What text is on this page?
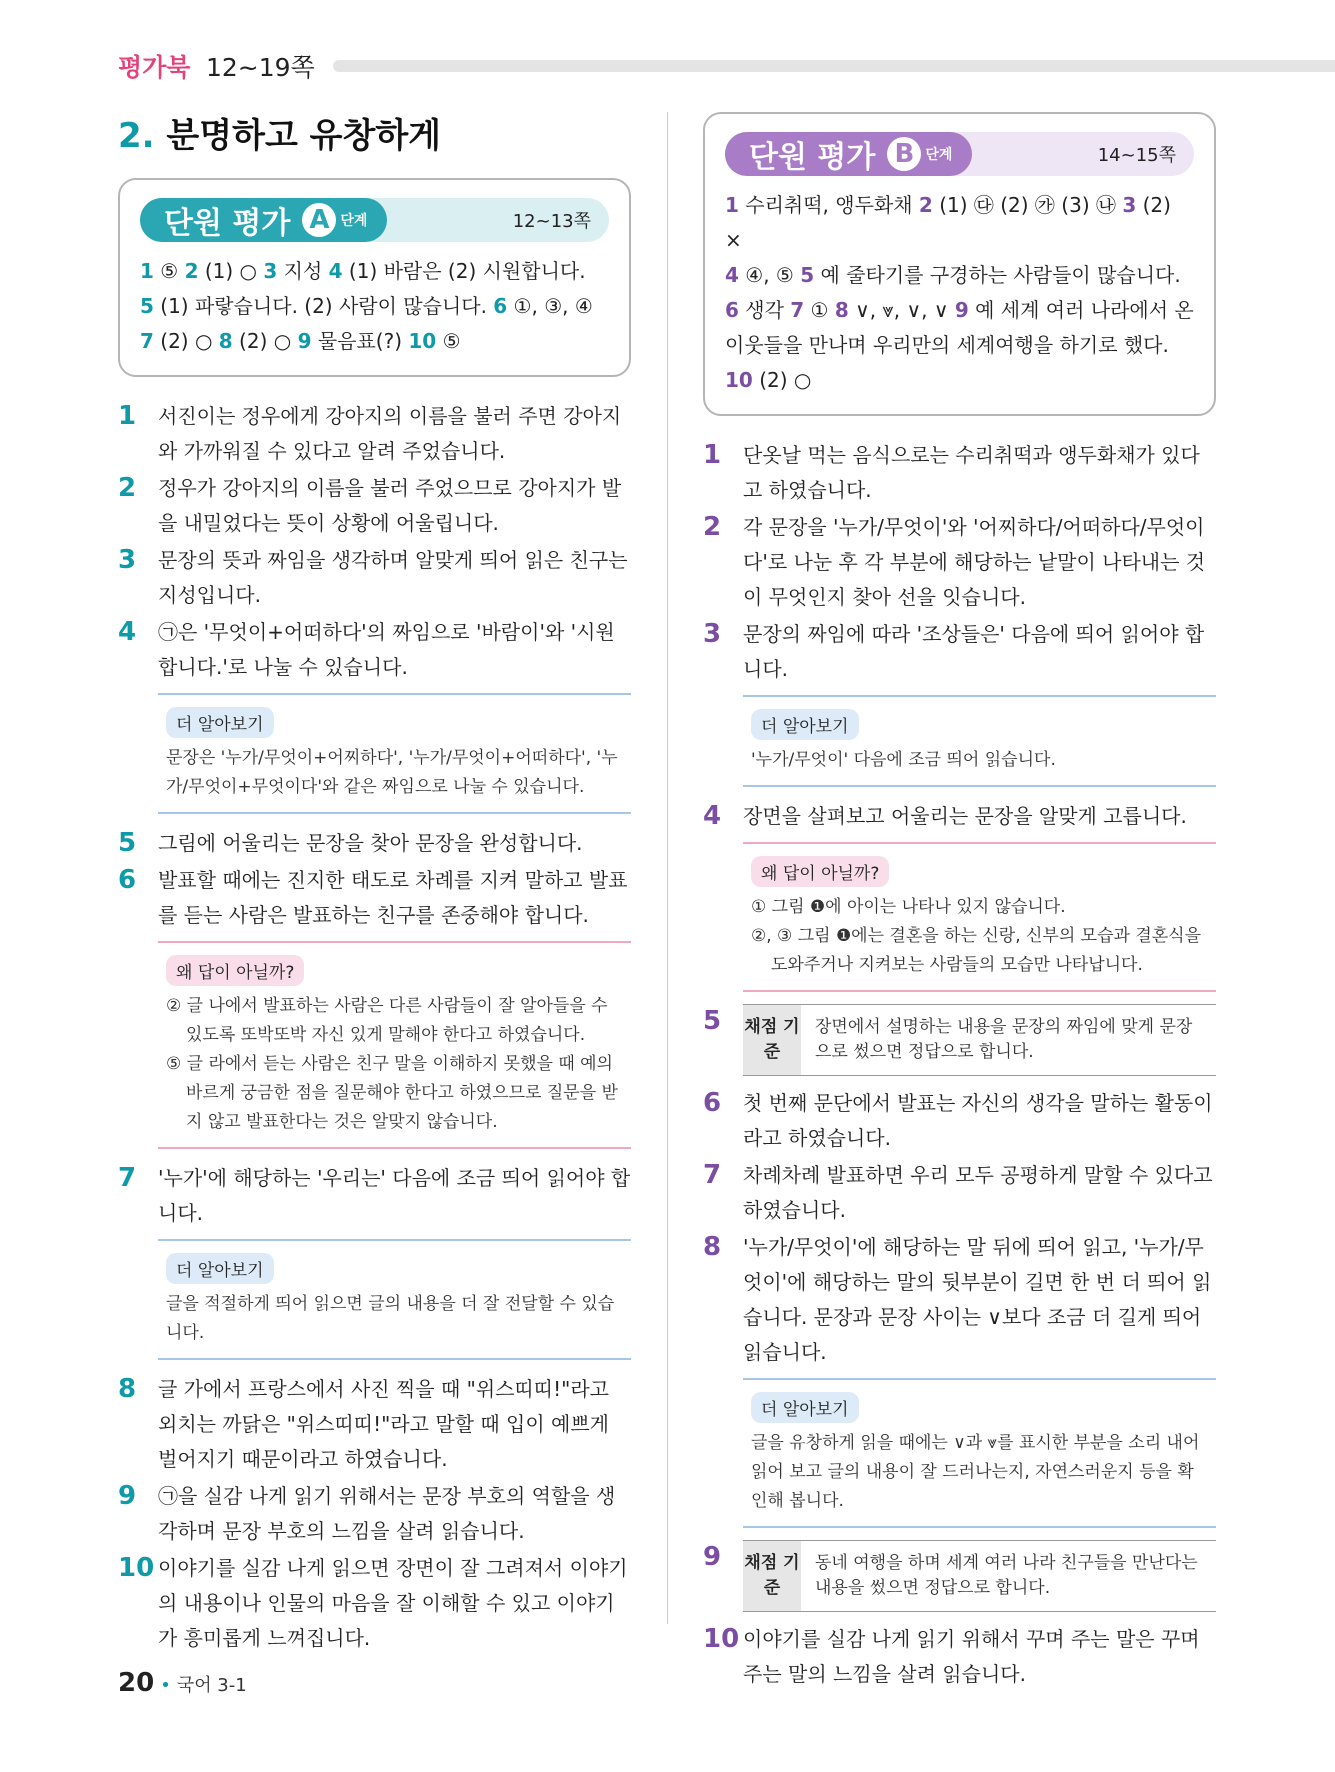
평가북 12~19쪽
2. 분명하고 유창하게
단원 평가 A 단계	12~13쪽
1 ⑤ 2 (1) ○ 3 지성 4 (1) 바람은 (2) 시원합니다.
5 (1) 파랗습니다. (2) 사람이 많습니다. 6 ①, ③, ④
7 (2) ○ 8 (2) ○ 9 물음표(?) 10 ⑤
1	서진이는 정우에게 강아지의 이름을 불러 주면 강아지와 가까워질 수 있다고 알려 주었습니다.
2	정우가 강아지의 이름을 불러 주었으므로 강아지가 발을 내밀었다는 뜻이 상황에 어울립니다.
3	문장의 뜻과 짜임을 생각하며 알맞게 띄어 읽은 친구는 지성입니다.
4	㉠은 '무엇이+어떠하다'의 짜임으로 '바람이'와 '시원합니다.'로 나눌 수 있습니다.
더 알아보기
문장은 '누가/무엇이+어찌하다', '누가/무엇이+어떠하다', '누가/무엇이+무엇이다'와 같은 짜임으로 나눌 수 있습니다.
5	그림에 어울리는 문장을 찾아 문장을 완성합니다.
6	발표할 때에는 진지한 태도로 차례를 지켜 말하고 발표를 듣는 사람은 발표하는 친구를 존중해야 합니다.
왜 답이 아닐까?
② 글 나에서 발표하는 사람은 다른 사람들이 잘 알아들을 수 있도록 또박또박 자신 있게 말해야 한다고 하였습니다.
⑤ 글 라에서 듣는 사람은 친구 말을 이해하지 못했을 때 예의 바르게 궁금한 점을 질문해야 한다고 하였으므로 질문을 받지 않고 발표한다는 것은 알맞지 않습니다.
7	'누가'에 해당하는 '우리는' 다음에 조금 띄어 읽어야 합니다.
더 알아보기
글을 적절하게 띄어 읽으면 글의 내용을 더 잘 전달할 수 있습니다.
8	글 가에서 프랑스에서 사진 찍을 때 "위스띠띠!"라고 외치는 까닭은 "위스띠띠!"라고 말할 때 입이 예쁘게 벌어지기 때문이라고 하였습니다.
9	㉠을 실감 나게 읽기 위해서는 문장 부호의 역할을 생각하며 문장 부호의 느낌을 살려 읽습니다.
10 이야기를 실감 나게 읽으면 장면이 잘 그려져서 이야기의 내용이나 인물의 마음을 잘 이해할 수 있고 이야기가 흥미롭게 느껴집니다.
단원 평가 B 단계	14~15쪽
1 수리취떡, 앵두화채 2 (1) ㉰ (2) ㉮ (3) ㉯ 3 (2) ×
4 ④, ⑤ 5 예 줄타기를 구경하는 사람들이 많습니다.
6 생각 7 ① 8 ∨, ⩔, ∨, ∨ 9 예 세계 여러 나라에서 온 이웃들을 만나며 우리만의 세계여행을 하기로 했다. 10 (2) ○
1	단옷날 먹는 음식으로는 수리취떡과 앵두화채가 있다고 하였습니다.
2	각 문장을 '누가/무엇이'와 '어찌하다/어떠하다/무엇이다'로 나눈 후 각 부분에 해당하는 낱말이 나타내는 것이 무엇인지 찾아 선을 잇습니다.
3	문장의 짜임에 따라 '조상들은' 다음에 띄어 읽어야 합니다.
더 알아보기
'누가/무엇이' 다음에 조금 띄어 읽습니다.
4	장면을 살펴보고 어울리는 문장을 알맞게 고릅니다.
왜 답이 아닐까?
① 그림 ❶에 아이는 나타나 있지 않습니다.
②, ③ 그림 ❶에는 결혼을 하는 신랑, 신부의 모습과 결혼식을 도와주거나 지켜보는 사람들의 모습만 나타납니다.
5	채점 기준
장면에서 설명하는 내용을 문장의 짜임에 맞게 문장으로 썼으면 정답으로 합니다.
6	첫 번째 문단에서 발표는 자신의 생각을 말하는 활동이라고 하였습니다.
7	차례차례 발표하면 우리 모두 공평하게 말할 수 있다고 하였습니다.
8	'누가/무엇이'에 해당하는 말 뒤에 띄어 읽고, '누가/무엇이'에 해당하는 말의 뒷부분이 길면 한 번 더 띄어 읽습니다. 문장과 문장 사이는 ∨보다 조금 더 길게 띄어 읽습니다.
더 알아보기
글을 유창하게 읽을 때에는 ∨과 ⩔를 표시한 부분을 소리 내어 읽어 보고 글의 내용이 잘 드러나는지, 자연스러운지 등을 확인해 봅니다.
9	채점 기준
동네 여행을 하며 세계 여러 나라 친구들을 만난다는 내용을 썼으면 정답으로 합니다.
10 이야기를 실감 나게 읽기 위해서 꾸며 주는 말은 꾸며 주는 말의 느낌을 살려 읽습니다.
20 • 국어 3-1
